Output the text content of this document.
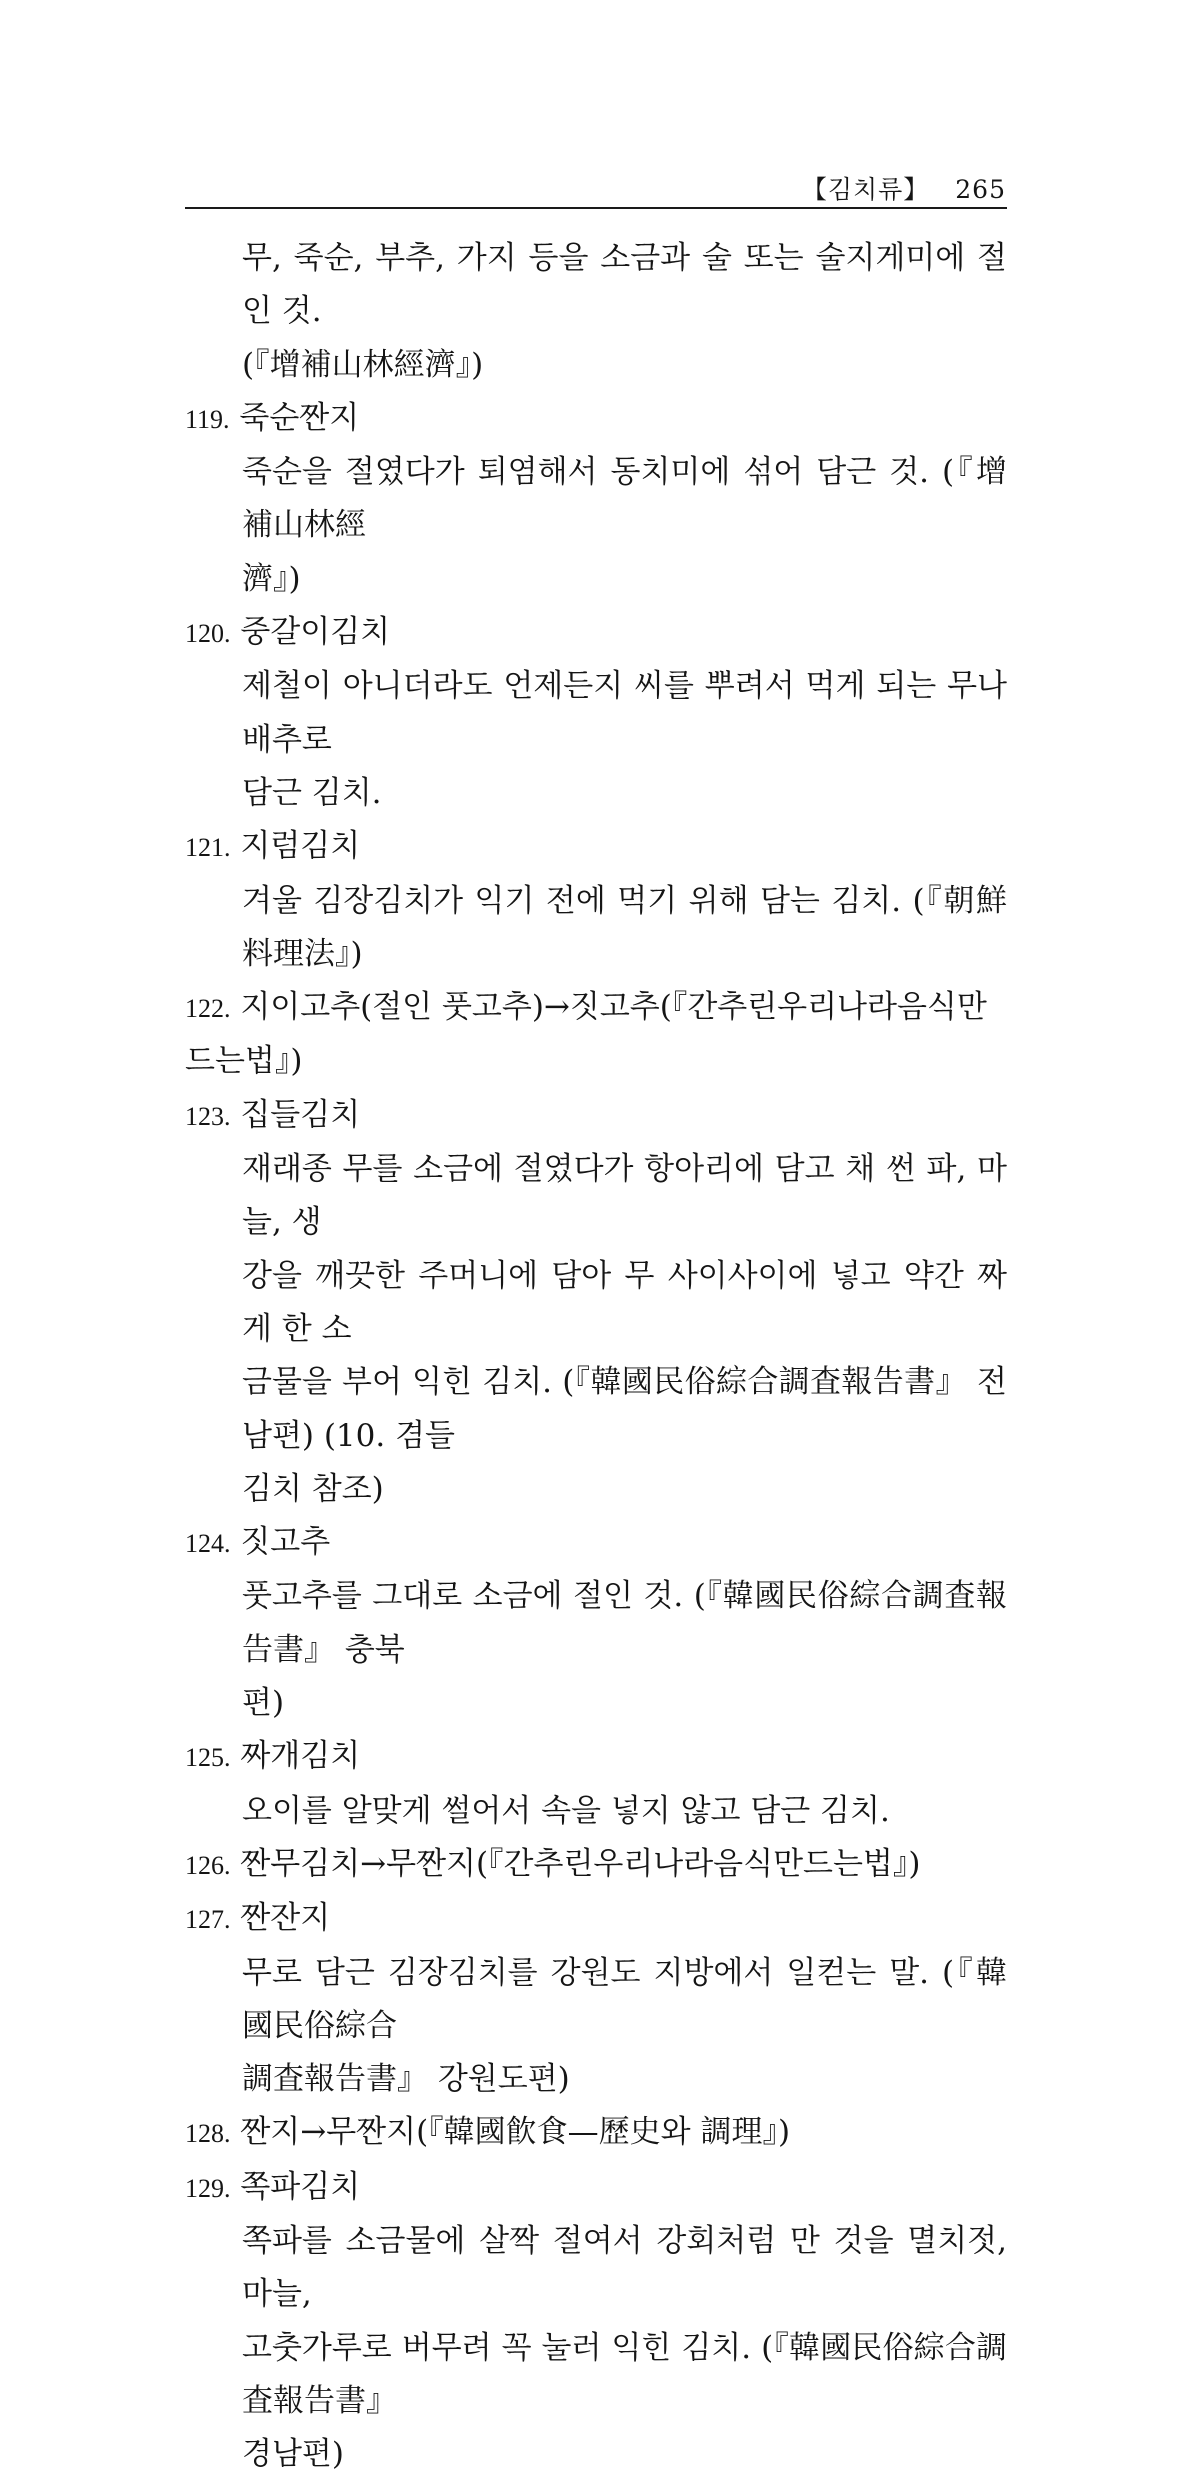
【김치류】 265
무, 죽순, 부추, 가지 등을 소금과 술 또는 술지게미에 절인 것.
(『增補山林經濟』)
119. 죽순짠지
죽순을 절였다가 퇴염해서 동치미에 섞어 담근 것. (『增補山林經
濟』)
120. 중갈이김치
제철이 아니더라도 언제든지 씨를 뿌려서 먹게 되는 무나 배추로
담근 김치.
121. 지럼김치
겨울 김장김치가 익기 전에 먹기 위해 담는 김치. (『朝鮮料理法』)
122. 지이고추(절인 풋고추)→짓고추(『간추린우리나라음식만드는법』)
123. 집들김치
재래종 무를 소금에 절였다가 항아리에 담고 채 썬 파, 마늘, 생
강을 깨끗한 주머니에 담아 무 사이사이에 넣고 약간 짜게 한 소
금물을 부어 익힌 김치. (『韓國民俗綜合調査報告書』 전남편) (10. 겸들
김치 참조)
124. 짓고추
풋고추를 그대로 소금에 절인 것. (『韓國民俗綜合調査報告書』 충북
편)
125. 짜개김치
오이를 알맞게 썰어서 속을 넣지 않고 담근 김치.
126. 짠무김치→무짠지(『간추린우리나라음식만드는법』)
127. 짠잔지
무로 담근 김장김치를 강원도 지방에서 일컫는 말. (『韓國民俗綜合
調査報告書』 강원도편)
128. 짠지→무짠지(『韓國飮食—歷史와 調理』)
129. 쪽파김치
쪽파를 소금물에 살짝 절여서 강회처럼 만 것을 멸치젓, 마늘,
고춧가루로 버무려 꼭 눌러 익힌 김치. (『韓國民俗綜合調査報告書』
경남편)
